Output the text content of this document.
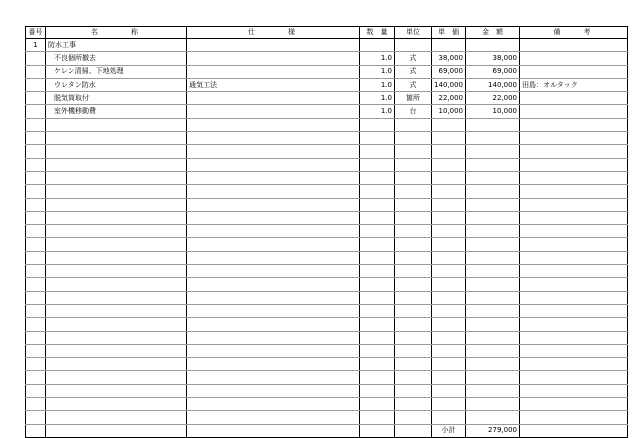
番号	名　　　称	仕　　　様	数　量	単位	単　価	金　額	備　　考
1	防水工事						
	不良個所撤去		1.0	式	38,000	38,000	
	ケレン清掃、下地処理		1.0	式	69,000	69,000	
	ウレタン防水	通気工法	1.0	式	140,000	140,000	田島：オルタック
	脱気筒取付		1.0	箇所	22,000	22,000	
	室外機移動費		1.0	台	10,000	10,000	

					小計	279,000	
